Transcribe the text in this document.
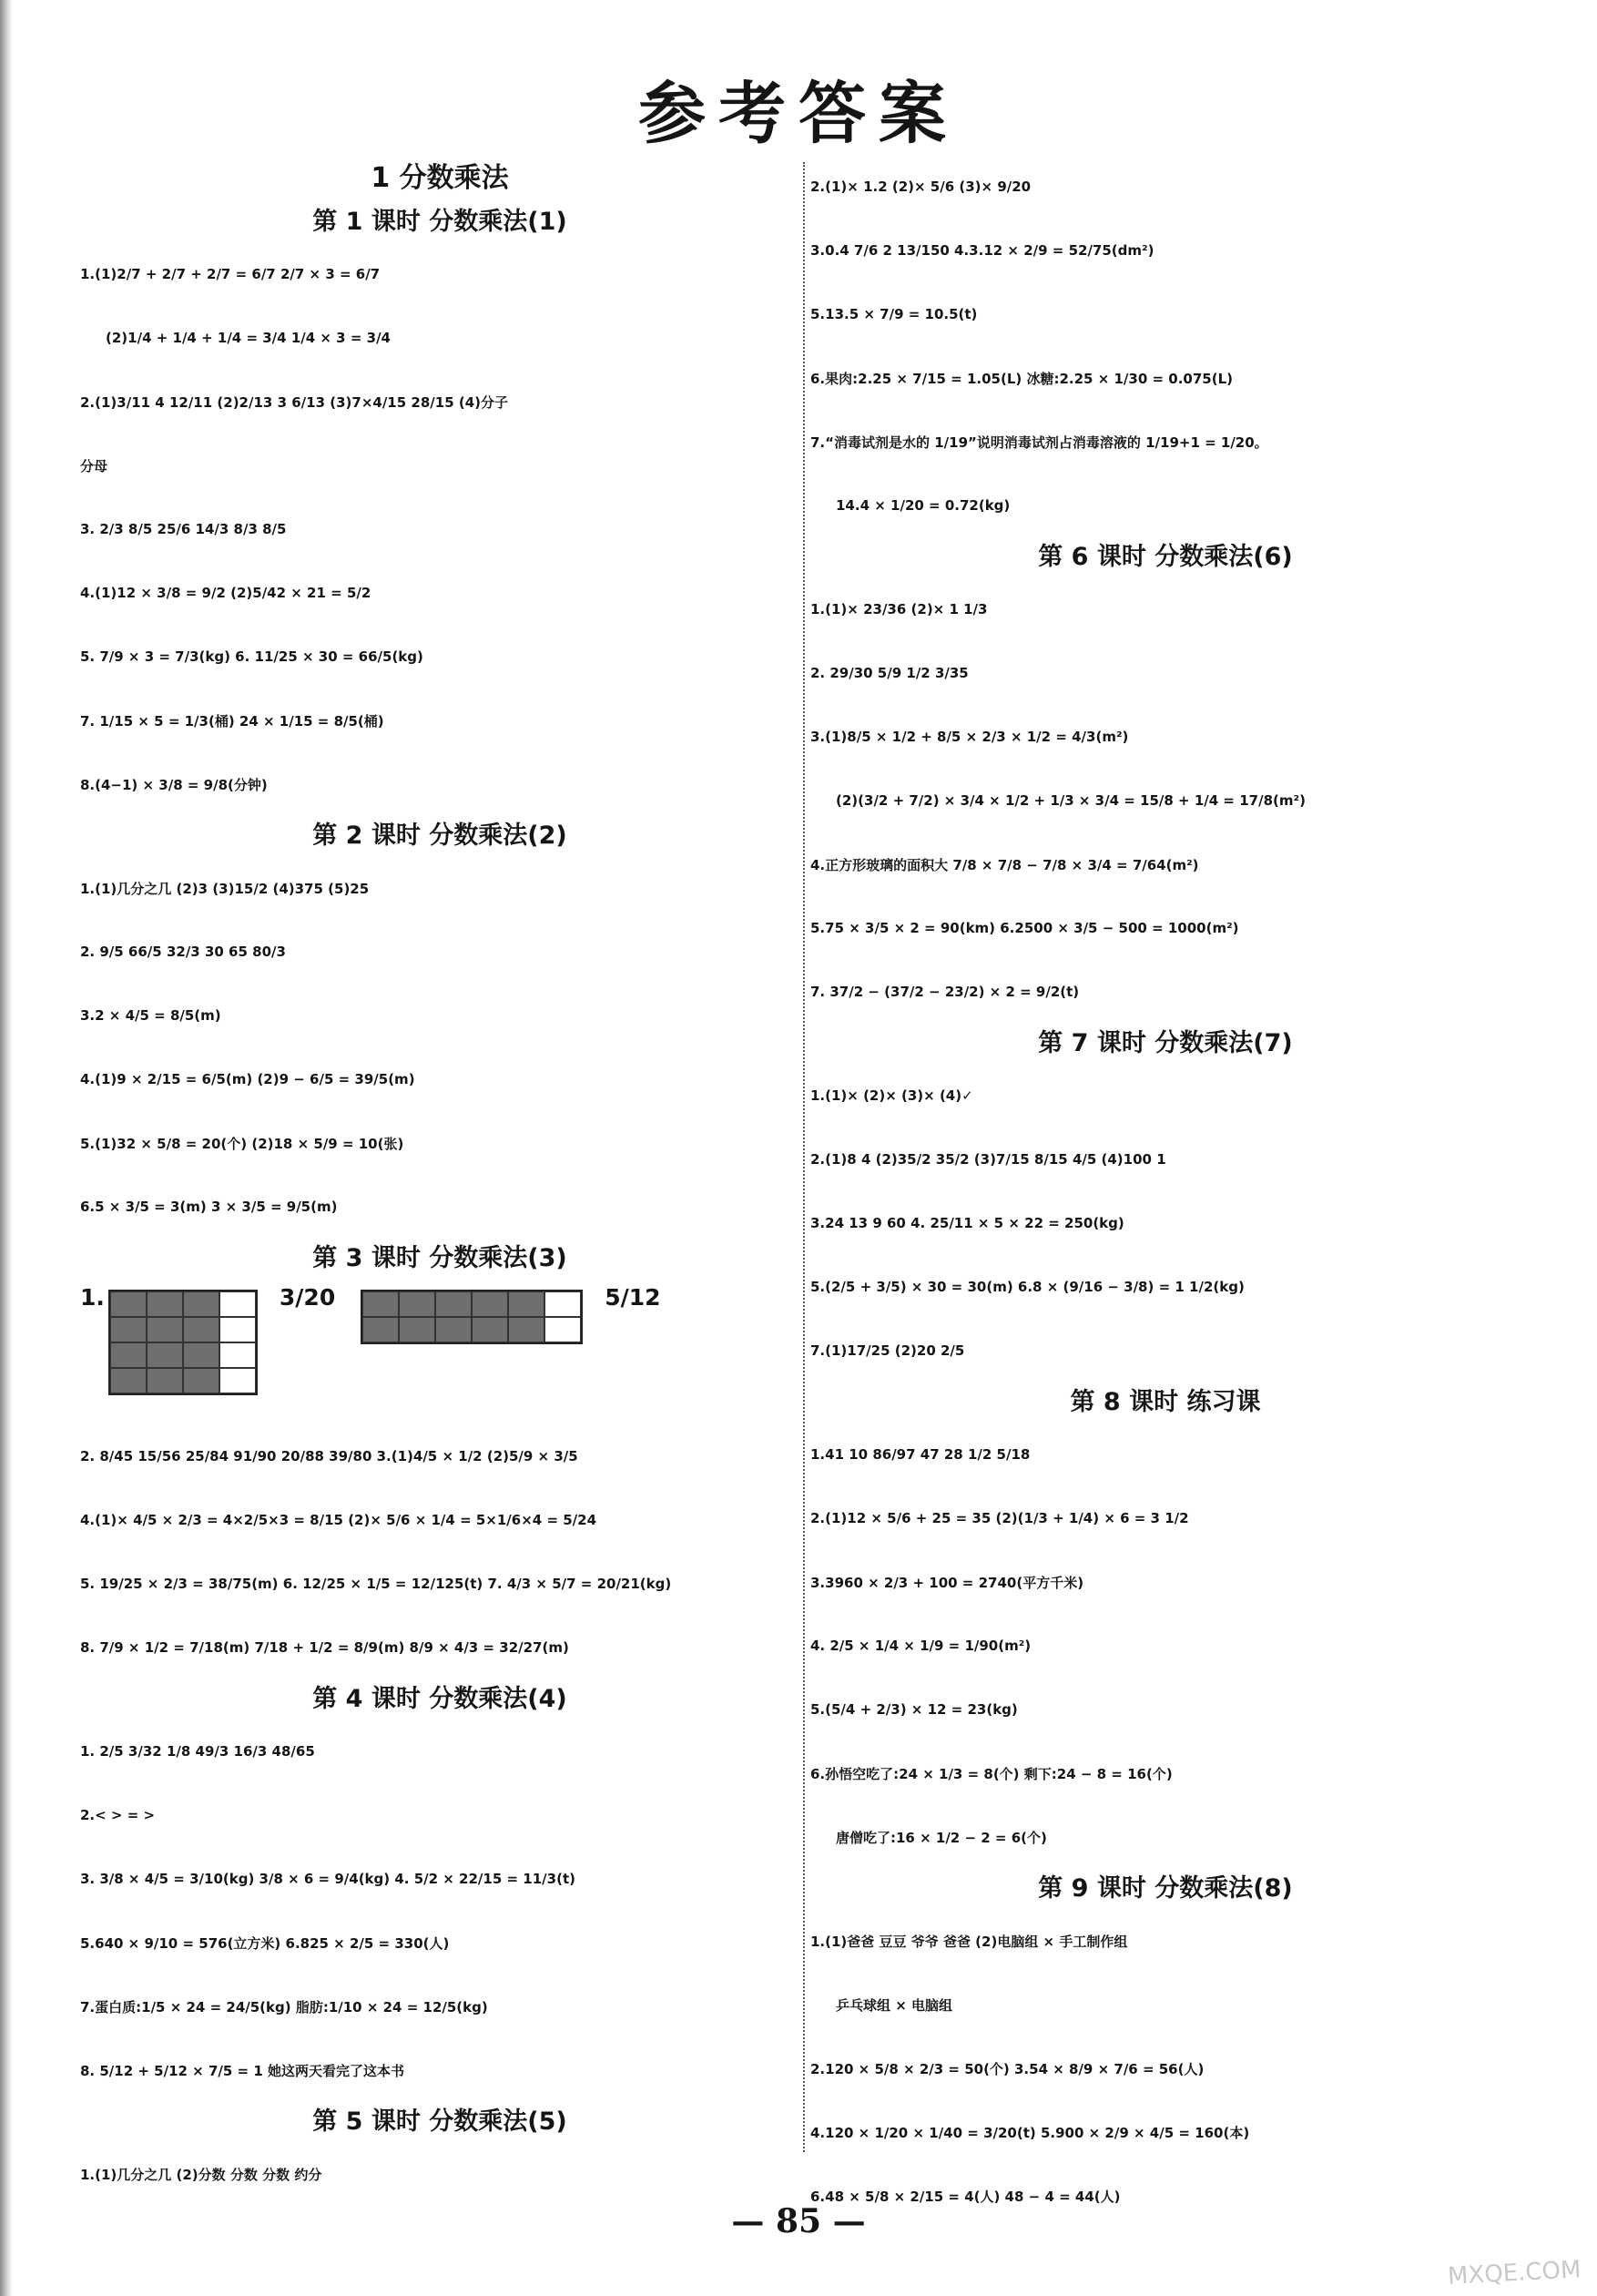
参考答案
1 分数乘法
第 1 课时 分数乘法(1)
1.(1)2/7 + 2/7 + 2/7 = 6/7 2/7 × 3 = 6/7
(2)1/4 + 1/4 + 1/4 = 3/4 1/4 × 3 = 3/4
2.(1)3/11 4 12/11 (2)2/13 3 6/13 (3)7×4/15 28/15 (4)分子
分母
3. 2/3 8/5 25/6 14/3 8/3 8/5
4.(1)12 × 3/8 = 9/2 (2)5/42 × 21 = 5/2
5. 7/9 × 3 = 7/3(kg) 6. 11/25 × 30 = 66/5(kg)
7. 1/15 × 5 = 1/3(桶) 24 × 1/15 = 8/5(桶)
8.(4−1) × 3/8 = 9/8(分钟)
第 2 课时 分数乘法(2)
1.(1)几分之几 (2)3 (3)15/2 (4)375 (5)25
2. 9/5 66/5 32/3 30 65 80/3
3.2 × 4/5 = 8/5(m)
4.(1)9 × 2/15 = 6/5(m) (2)9 − 6/5 = 39/5(m)
5.(1)32 × 5/8 = 20(个) (2)18 × 5/9 = 10(张)
6.5 × 3/5 = 3(m) 3 × 3/5 = 9/5(m)
第 3 课时 分数乘法(3)
1.	3/20	5/12
2. 8/45 15/56 25/84 91/90 20/88 39/80 3.(1)4/5 × 1/2 (2)5/9 × 3/5
4.(1)× 4/5 × 2/3 = 4×2/5×3 = 8/15 (2)× 5/6 × 1/4 = 5×1/6×4 = 5/24
5. 19/25 × 2/3 = 38/75(m) 6. 12/25 × 1/5 = 12/125(t) 7. 4/3 × 5/7 = 20/21(kg)
8. 7/9 × 1/2 = 7/18(m) 7/18 + 1/2 = 8/9(m) 8/9 × 4/3 = 32/27(m)
第 4 课时 分数乘法(4)
1. 2/5 3/32 1/8 49/3 16/3 48/65
2.< > = >
3. 3/8 × 4/5 = 3/10(kg) 3/8 × 6 = 9/4(kg) 4. 5/2 × 22/15 = 11/3(t)
5.640 × 9/10 = 576(立方米) 6.825 × 2/5 = 330(人)
7.蛋白质:1/5 × 24 = 24/5(kg) 脂肪:1/10 × 24 = 12/5(kg)
8. 5/12 + 5/12 × 7/5 = 1 她这两天看完了这本书
第 5 课时 分数乘法(5)
1.(1)几分之几 (2)分数 分数 分数 约分
2.(1)× 1.2 (2)× 5/6 (3)× 9/20
3.0.4 7/6 2 13/150 4.3.12 × 2/9 = 52/75(dm²)
5.13.5 × 7/9 = 10.5(t)
6.果肉:2.25 × 7/15 = 1.05(L) 冰糖:2.25 × 1/30 = 0.075(L)
7.“消毒试剂是水的 1/19”说明消毒试剂占消毒溶液的 1/19+1 = 1/20。
14.4 × 1/20 = 0.72(kg)
第 6 课时 分数乘法(6)
1.(1)× 23/36 (2)× 1 1/3
2. 29/30 5/9 1/2 3/35
3.(1)8/5 × 1/2 + 8/5 × 2/3 × 1/2 = 4/3(m²)
(2)(3/2 + 7/2) × 3/4 × 1/2 + 1/3 × 3/4 = 15/8 + 1/4 = 17/8(m²)
4.正方形玻璃的面积大 7/8 × 7/8 − 7/8 × 3/4 = 7/64(m²)
5.75 × 3/5 × 2 = 90(km) 6.2500 × 3/5 − 500 = 1000(m²)
7. 37/2 − (37/2 − 23/2) × 2 = 9/2(t)
第 7 课时 分数乘法(7)
1.(1)× (2)× (3)× (4)✓
2.(1)8 4 (2)35/2 35/2 (3)7/15 8/15 4/5 (4)100 1
3.24 13 9 60 4. 25/11 × 5 × 22 = 250(kg)
5.(2/5 + 3/5) × 30 = 30(m) 6.8 × (9/16 − 3/8) = 1 1/2(kg)
7.(1)17/25 (2)20 2/5
第 8 课时 练习课
1.41 10 86/97 47 28 1/2 5/18
2.(1)12 × 5/6 + 25 = 35 (2)(1/3 + 1/4) × 6 = 3 1/2
3.3960 × 2/3 + 100 = 2740(平方千米)
4. 2/5 × 1/4 × 1/9 = 1/90(m²)
5.(5/4 + 2/3) × 12 = 23(kg)
6.孙悟空吃了:24 × 1/3 = 8(个) 剩下:24 − 8 = 16(个)
唐僧吃了:16 × 1/2 − 2 = 6(个)
第 9 课时 分数乘法(8)
1.(1)爸爸 豆豆 爷爷 爸爸 (2)电脑组 × 手工制作组
乒乓球组 × 电脑组
2.120 × 5/8 × 2/3 = 50(个) 3.54 × 8/9 × 7/6 = 56(人)
4.120 × 1/20 × 1/40 = 3/20(t) 5.900 × 2/9 × 4/5 = 160(本)
6.48 × 5/8 × 2/15 = 4(人) 48 − 4 = 44(人)
— 85 —
MXQE.COM
